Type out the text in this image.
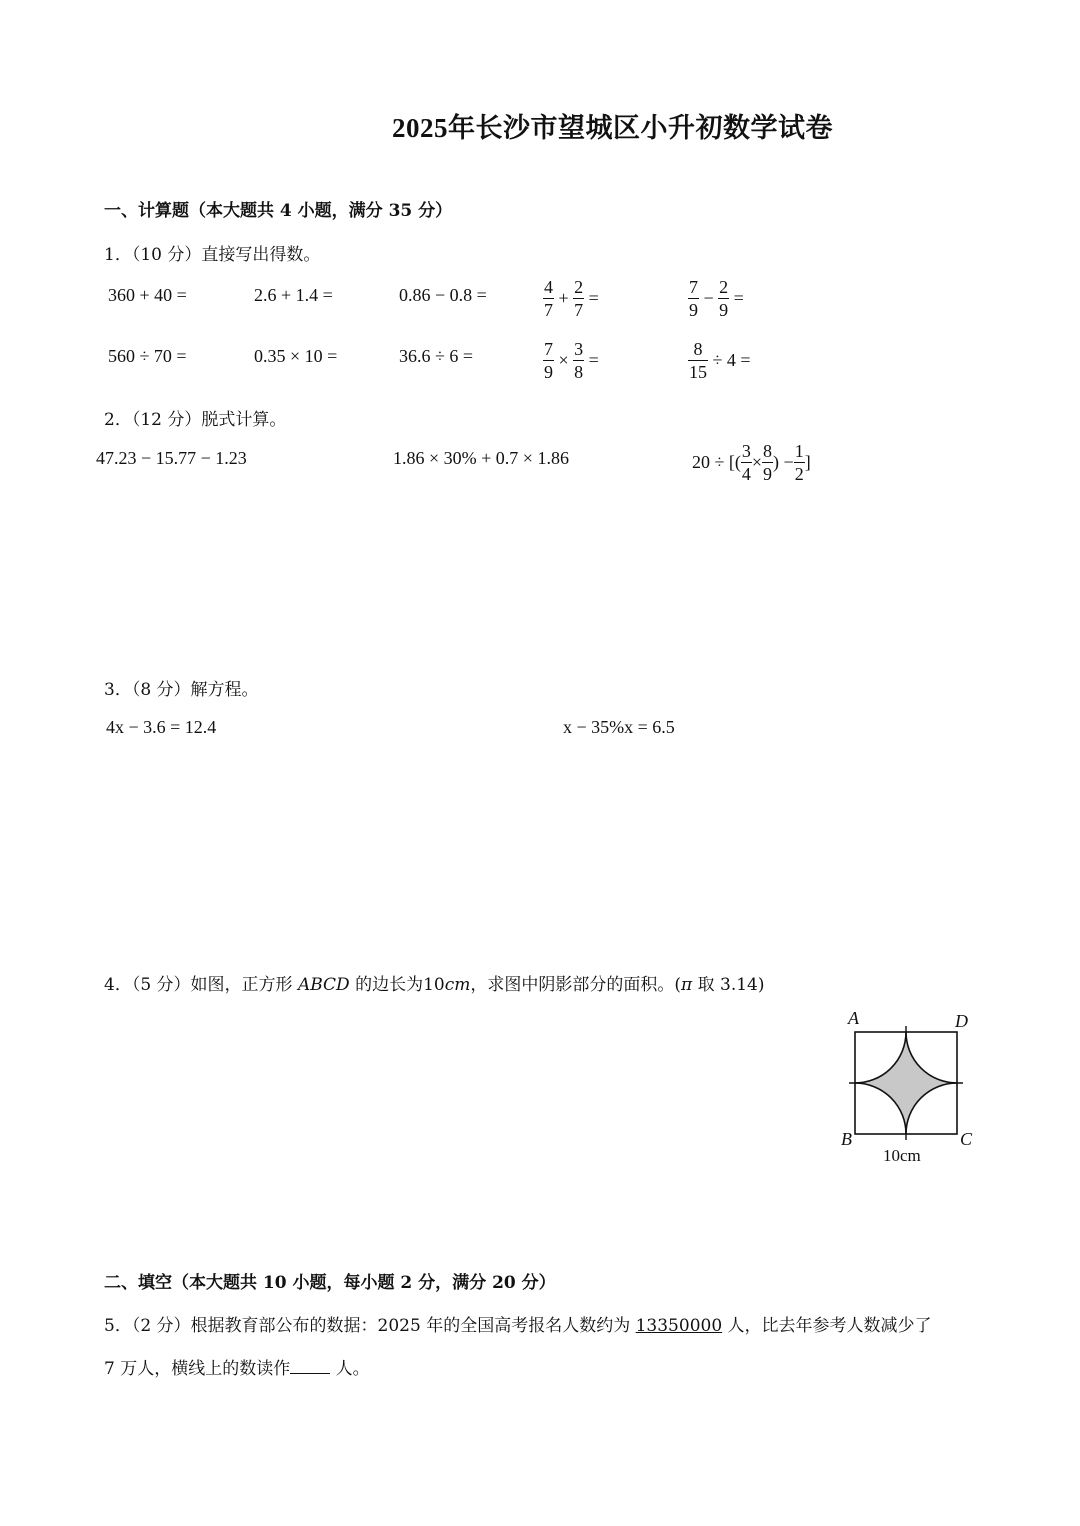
2025年长沙市望城区小升初数学试卷
一、计算题（本大题共 4 小题，满分 35 分）
1．（10 分）直接写出得数。
360 + 40 =	2.6 + 1.4 =	0.86 − 0.8 =	$\frac{4}{7} + \frac{2}{7}$ =	$\frac{7}{9} - \frac{2}{9}$ =
560 ÷ 70 =	0.35 × 10 =	36.6 ÷ 6 =	$\frac{7}{9} \times \frac{3}{8}$ =	$\frac{8}{15} \div 4$ =
2．（12 分）脱式计算。
47.23 − 15.77 − 1.23	1.86 × 30% + 0.7 × 1.86	20 ÷ [( $\frac{3}{4} \times \frac{8}{9}$ ) − $\frac{1}{2}$ ]
3．（8 分）解方程。
4x − 3.6 = 12.4	x − 35%x = 6.5
4．（5 分）如图，正方形 ABCD 的边长为10cm，求图中阴影部分的面积。(π 取 3.14)
A	D
B	C
10cm
二、填空（本大题共 10 小题，每小题 2 分，满分 20 分）
5．（2 分）根据教育部公布的数据：2025 年的全国高考报名人数约为 13350000 人，比去年参考人数减少了
7 万人，横线上的数读作 人。
